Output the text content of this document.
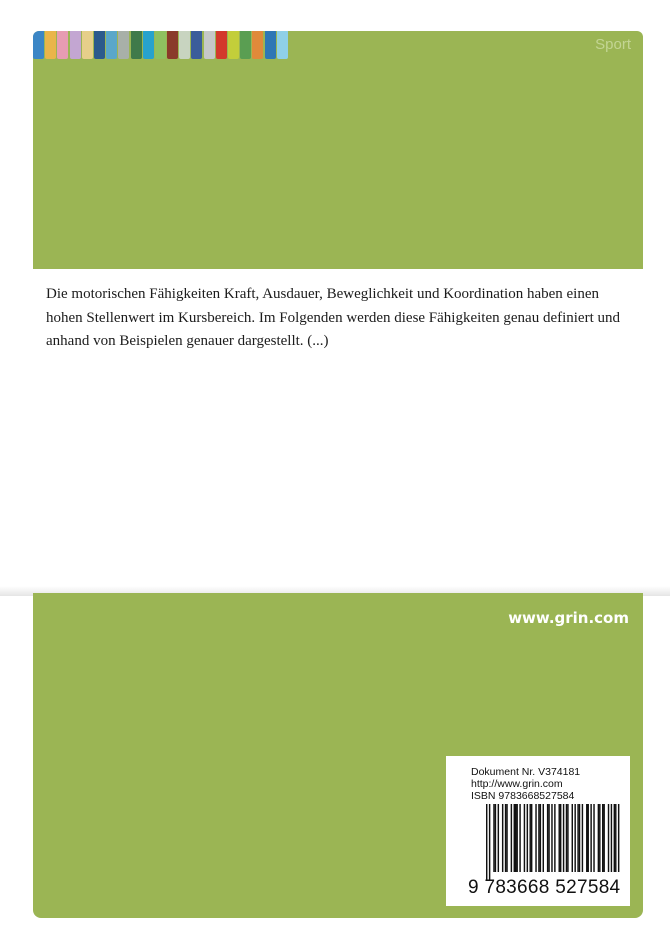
Sport

Die motorischen Fähigkeiten Kraft, Ausdauer, Beweglichkeit und Koordination haben einen hohen Stellenwert im Kursbereich. Im Folgenden werden diese Fähigkeiten genau definiert und anhand von Beispielen genauer dargestellt. (...)

www.grin.com
Dokument Nr. V374181
http://www.grin.com
ISBN 9783668527584
9 783668 527584
